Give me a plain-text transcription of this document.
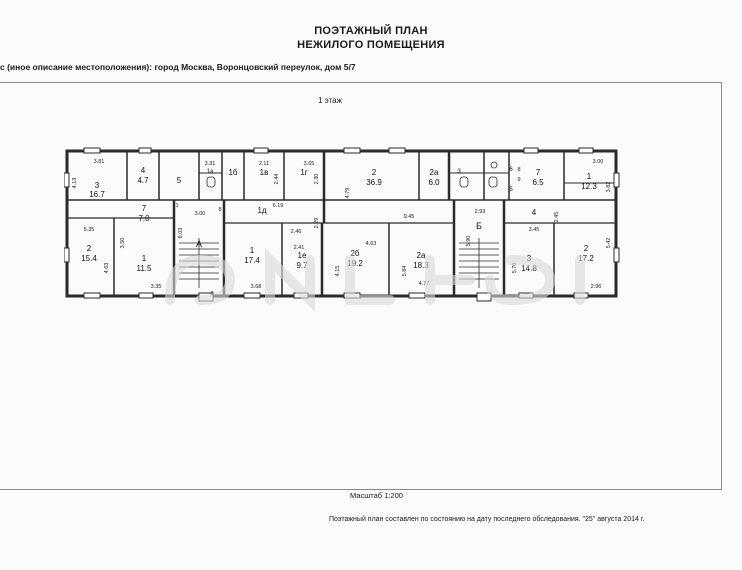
ПОЭТАЖНЫЙ ПЛАН
НЕЖИЛОГО ПОМЕЩЕНИЯ
с (иное описание местоположения): город Москва, Воронцовский переулок, дом 5/7
1 этаж
3
16.7
4
4.7	5
1а 1б	1в	1г	2
36.9
2а
6.0
3	6
5
7
6.5
1
12.3
7
7.0
2
15.4	1
11.5
А
1д
1
17.4
1е
9.7
2б
19.2
2а
18.3
Б
4
3
14.8
2
17.2
3.81
4.13
3.31	2.11
2.44
3.65
2.30
4.79
9.45
3.00
3.82
5.35
4.63
3.50
3.35
3.00
6.03
6.19
3.68
2.41
2.46
4.63
4.15	5.84
4.77
2.93
5.90
3.45
2.45
5.70
5.42
2.96
8
9
8
1
8
2.29
Масштаб 1:200
Поэтажный план составлен по состоянию на дату последнего обследования. "25" августа 2014 г.
